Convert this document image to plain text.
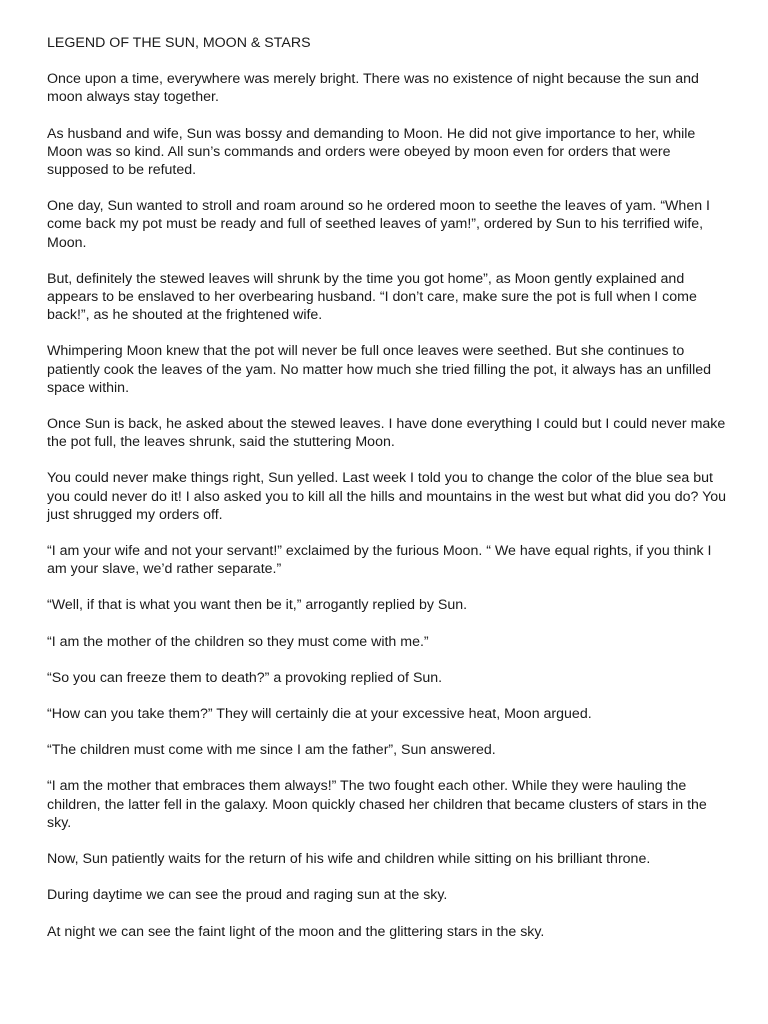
LEGEND OF THE SUN, MOON & STARS

Once upon a time, everywhere was merely bright. There was no existence of night because the sun and moon always stay together.

As husband and wife, Sun was bossy and demanding to Moon. He did not give importance to her, while Moon was so kind. All sun’s commands and orders were obeyed by moon even for orders that were supposed to be refuted.

One day, Sun wanted to stroll and roam around so he ordered moon to seethe the leaves of yam. “When I come back my pot must be ready and full of seethed leaves of yam!”, ordered by Sun to his terrified wife, Moon.

But, definitely the stewed leaves will shrunk by the time you got home”, as Moon gently explained and appears to be enslaved to her overbearing husband. “I don’t care, make sure the pot is full when I come back!”, as he shouted at the frightened wife.

Whimpering Moon knew that the pot will never be full once leaves were seethed. But she continues to patiently cook the leaves of the yam. No matter how much she tried filling the pot, it always has an unfilled space within.

Once Sun is back, he asked about the stewed leaves. I have done everything I could but I could never make the pot full, the leaves shrunk, said the stuttering Moon.

You could never make things right, Sun yelled. Last week I told you to change the color of the blue sea but you could never do it! I also asked you to kill all the hills and mountains in the west but what did you do? You just shrugged my orders off.

“I am your wife and not your servant!” exclaimed by the furious Moon. “ We have equal rights, if you think I am your slave, we’d rather separate.”

“Well, if that is what you want then be it,” arrogantly replied by Sun.

“I am the mother of the children so they must come with me.”

“So you can freeze them to death?” a provoking replied of Sun.

“How can you take them?” They will certainly die at your excessive heat, Moon argued.

“The children must come with me since I am the father”, Sun answered.

“I am the mother that embraces them always!” The two fought each other. While they were hauling the children, the latter fell in the galaxy. Moon quickly chased her children that became clusters of stars in the sky.

Now, Sun patiently waits for the return of his wife and children while sitting on his brilliant throne.

During daytime we can see the proud and raging sun at the sky.

At night we can see the faint light of the moon and the glittering stars in the sky.
